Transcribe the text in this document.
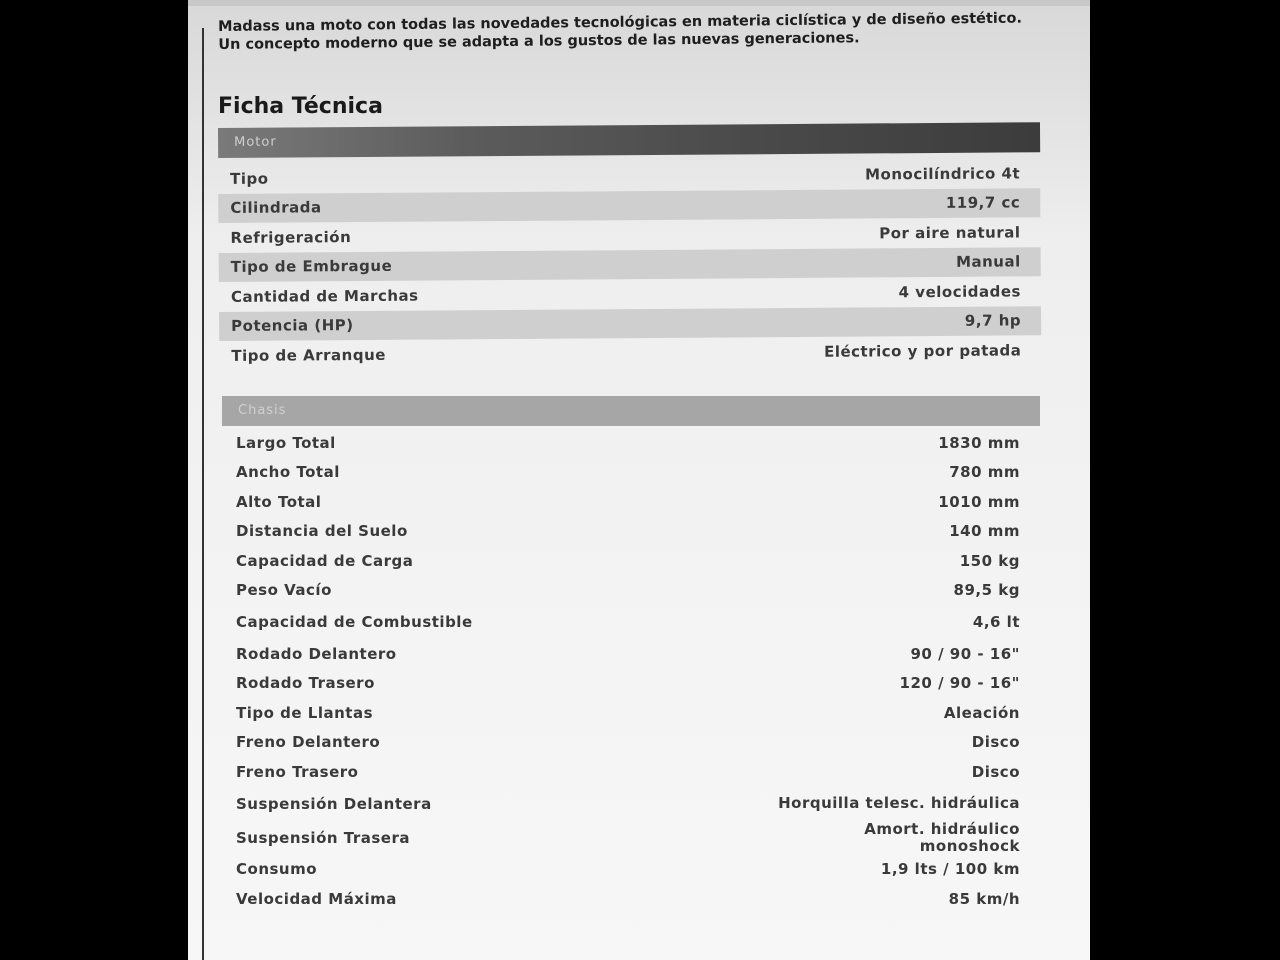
Madass una moto con todas las novedades tecnológicas en materia ciclística y de diseño estético. Un concepto moderno que se adapta a los gustos de las nuevas generaciones.
Ficha Técnica
Motor
Tipo	Monocilíndrico 4t
Cilindrada	119,7 cc
Refrigeración	Por aire natural
Tipo de Embrague	Manual
Cantidad de Marchas	4 velocidades
Potencia (HP)	9,7 hp
Tipo de Arranque	Eléctrico y por patada
Chasis
Largo Total	1830 mm
Ancho Total	780 mm
Alto Total	1010 mm
Distancia del Suelo	140 mm
Capacidad de Carga	150 kg
Peso Vacío	89,5 kg
Capacidad de Combustible	4,6 lt
Rodado Delantero	90 / 90 - 16"
Rodado Trasero	120 / 90 - 16"
Tipo de Llantas	Aleación
Freno Delantero	Disco
Freno Trasero	Disco
Suspensión Delantera	Horquilla telesc. hidráulica
Suspensión Trasera	Amort. hidráulico monoshock
Consumo	1,9 lts / 100 km
Velocidad Máxima	85 km/h
